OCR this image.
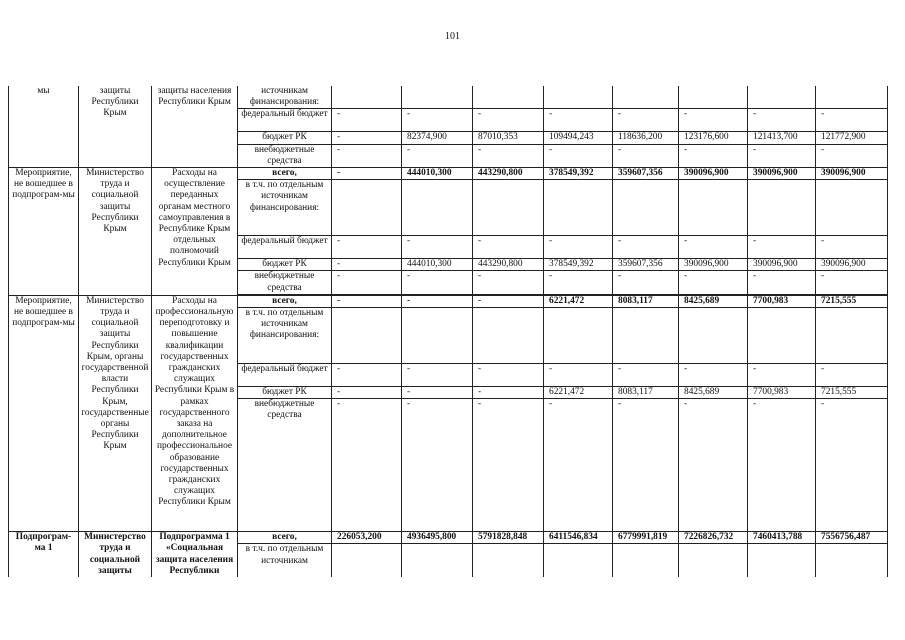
101
мы	защиты Республики Крым	защиты населения Республики Крым	источникам финансирования:								
			федеральный бюджет	-	-	-	-	-	-	-	-
			бюджет РК	-	82374,900	87010,353	109494,243	118636,200	123176,600	121413,700	121772,900
			внебюджетные средства	-	-	-	-	-	-	-	-
Мероприятие, не вошедшее в подпрограм-мы	Министерство труда и социальной защиты Республики Крым	Расходы на осуществление переданных органам местного самоуправления в Республике Крым отдельных полномочий Республики Крым	всего,	-	444010,300	443290,800	378549,392	359607,356	390096,900	390096,900	390096,900
			в т.ч. по отдельным источникам финансирования:								
			федеральный бюджет	-	-	-	-	-	-	-	-
			бюджет РК	-	444010,300	443290,800	378549,392	359607,356	390096,900	390096,900	390096,900
			внебюджетные средства	-	-	-	-	-	-	-	-

Мероприятие, не вошедшее в подпрограм-мы	Министерство труда и социальной защиты Республики Крым, органы государственной власти Республики Крым, государственные органы Республики Крым	Расходы на профессиональную переподготовку и повышение квалификации государственных гражданских служащих Республики Крым в рамках государственного заказа на дополнительное профессиональное образование государственных гражданских служащих Республики Крым	всего,	-	-	-	6221,472	8083,117	8425,689	7700,983	7215,555
			в т.ч. по отдельным источникам финансирования:								
			федеральный бюджет	-	-	-	-	-	-	-	-
			бюджет РК	-	-	-	6221,472	8083,117	8425,689	7700,983	7215,555
			внебюджетные средства	-	-	-	-	-	-	-	-
Подпрограм-ма 1	Министерство труда и социальной защиты	Подпрограмма 1 «Социальная защита населения Республики	всего,	226053,200	4936495,800	5791828,848	6411546,834	6779991,819	7226826,732	7460413,788	7556756,487
			в т.ч. по отдельным источникам								
